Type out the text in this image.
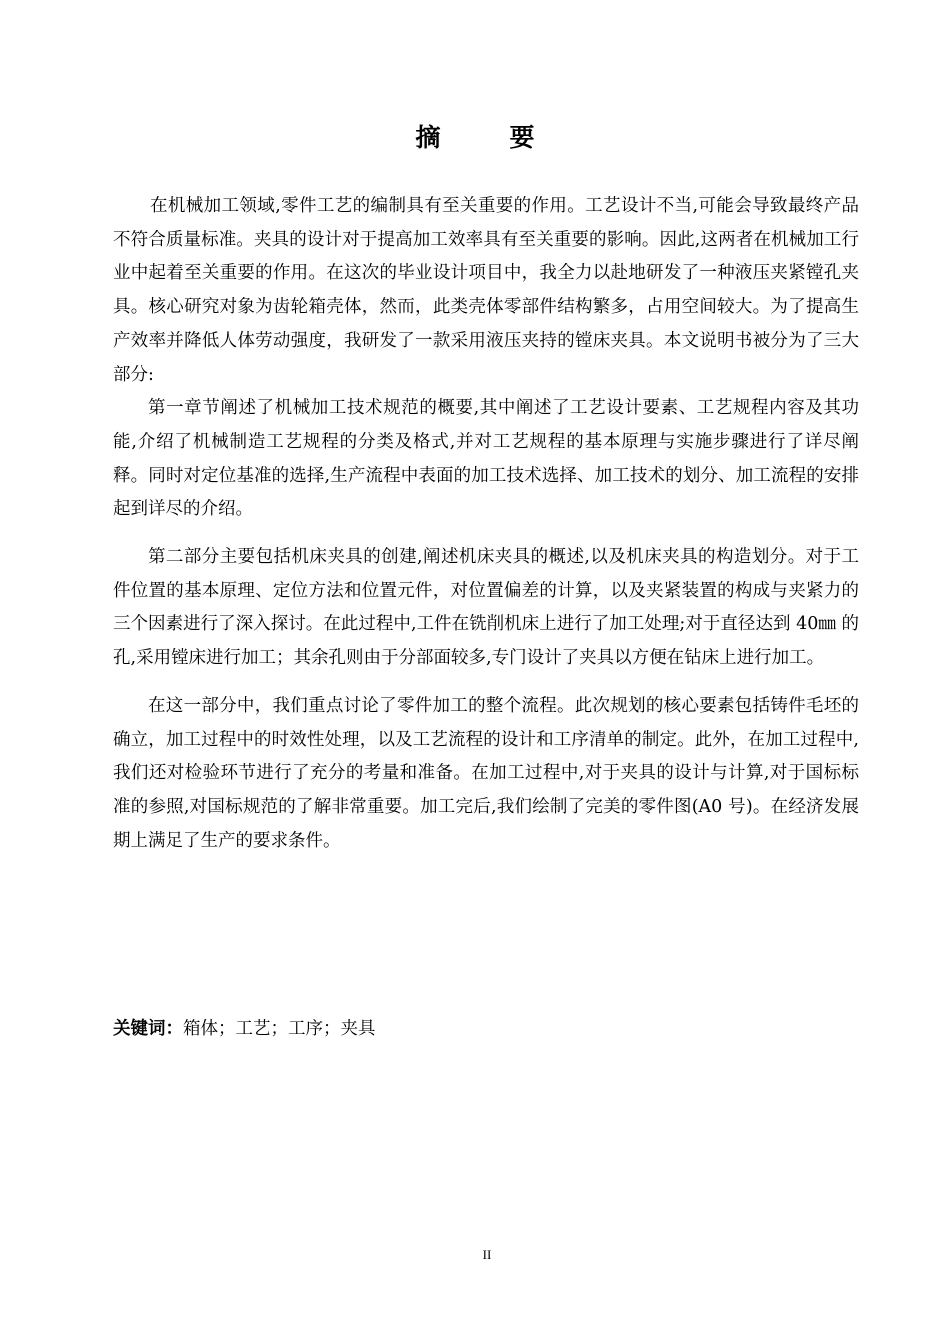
摘　要

在机械加工领域,零件工艺的编制具有至关重要的作用。工艺设计不当,可能会导致最终产品不符合质量标准。夹具的设计对于提高加工效率具有至关重要的影响。因此,这两者在机械加工行业中起着至关重要的作用。在这次的毕业设计项目中，我全力以赴地研发了一种液压夹紧镗孔夹具。核心研究对象为齿轮箱壳体，然而，此类壳体零部件结构繁多，占用空间较大。为了提高生产效率并降低人体劳动强度，我研发了一款采用液压夹持的镗床夹具。本文说明书被分为了三大部分:

第一章节阐述了机械加工技术规范的概要,其中阐述了工艺设计要素、工艺规程内容及其功能,介绍了机械制造工艺规程的分类及格式,并对工艺规程的基本原理与实施步骤进行了详尽阐释。同时对定位基准的选择,生产流程中表面的加工技术选择、加工技术的划分、加工流程的安排起到详尽的介绍。

第二部分主要包括机床夹具的创建,阐述机床夹具的概述,以及机床夹具的构造划分。对于工件位置的基本原理、定位方法和位置元件，对位置偏差的计算，以及夹紧装置的构成与夹紧力的三个因素进行了深入探讨。在此过程中,工件在铣削机床上进行了加工处理;对于直径达到 40㎜ 的孔,采用镗床进行加工；其余孔则由于分部面较多,专门设计了夹具以方便在钻床上进行加工。

在这一部分中，我们重点讨论了零件加工的整个流程。此次规划的核心要素包括铸件毛坯的确立，加工过程中的时效性处理，以及工艺流程的设计和工序清单的制定。此外，在加工过程中,我们还对检验环节进行了充分的考量和准备。在加工过程中,对于夹具的设计与计算,对于国标标准的参照,对国标规范的了解非常重要。加工完后,我们绘制了完美的零件图(A0 号)。在经济发展期上满足了生产的要求条件。

关键词：箱体；工艺；工序；夹具
II
